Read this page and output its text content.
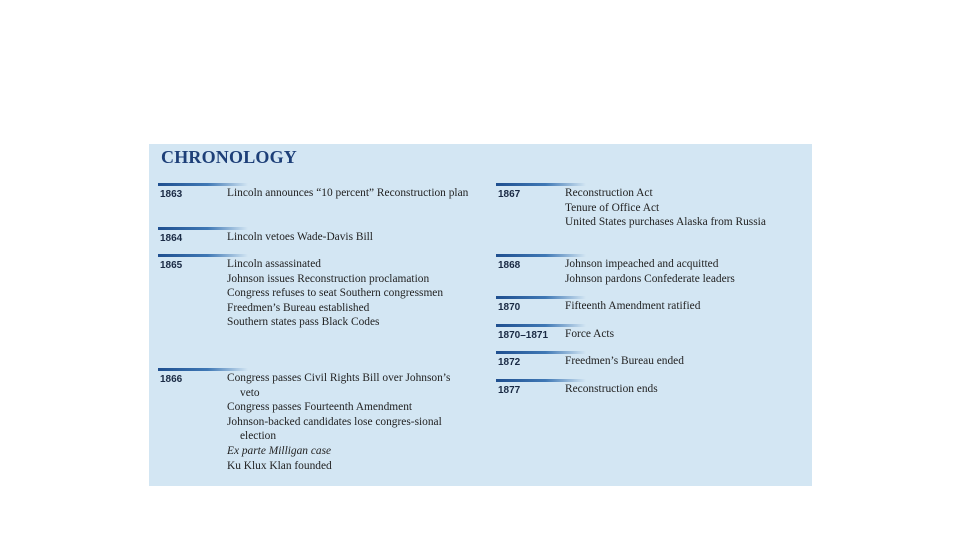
CHRONOLOGY
1863	Lincoln announces “10 percent” Reconstruction plan
1864	Lincoln vetoes Wade-Davis Bill
1865	Lincoln assassinated
Johnson issues Reconstruction proclamation
Congress refuses to seat Southern congressmen
Freedmen’s Bureau established
Southern states pass Black Codes
1866	Congress passes Civil Rights Bill over Johnson’s veto
Congress passes Fourteenth Amendment
Johnson-backed candidates lose congres-sional election
Ex parte Milligan case
Ku Klux Klan founded
1867	Reconstruction Act
Tenure of Office Act
United States purchases Alaska from Russia
1868	Johnson impeached and acquitted
Johnson pardons Confederate leaders
1870	Fifteenth Amendment ratified
1870–1871 Force Acts
1872	Freedmen’s Bureau ended
1877	Reconstruction ends
